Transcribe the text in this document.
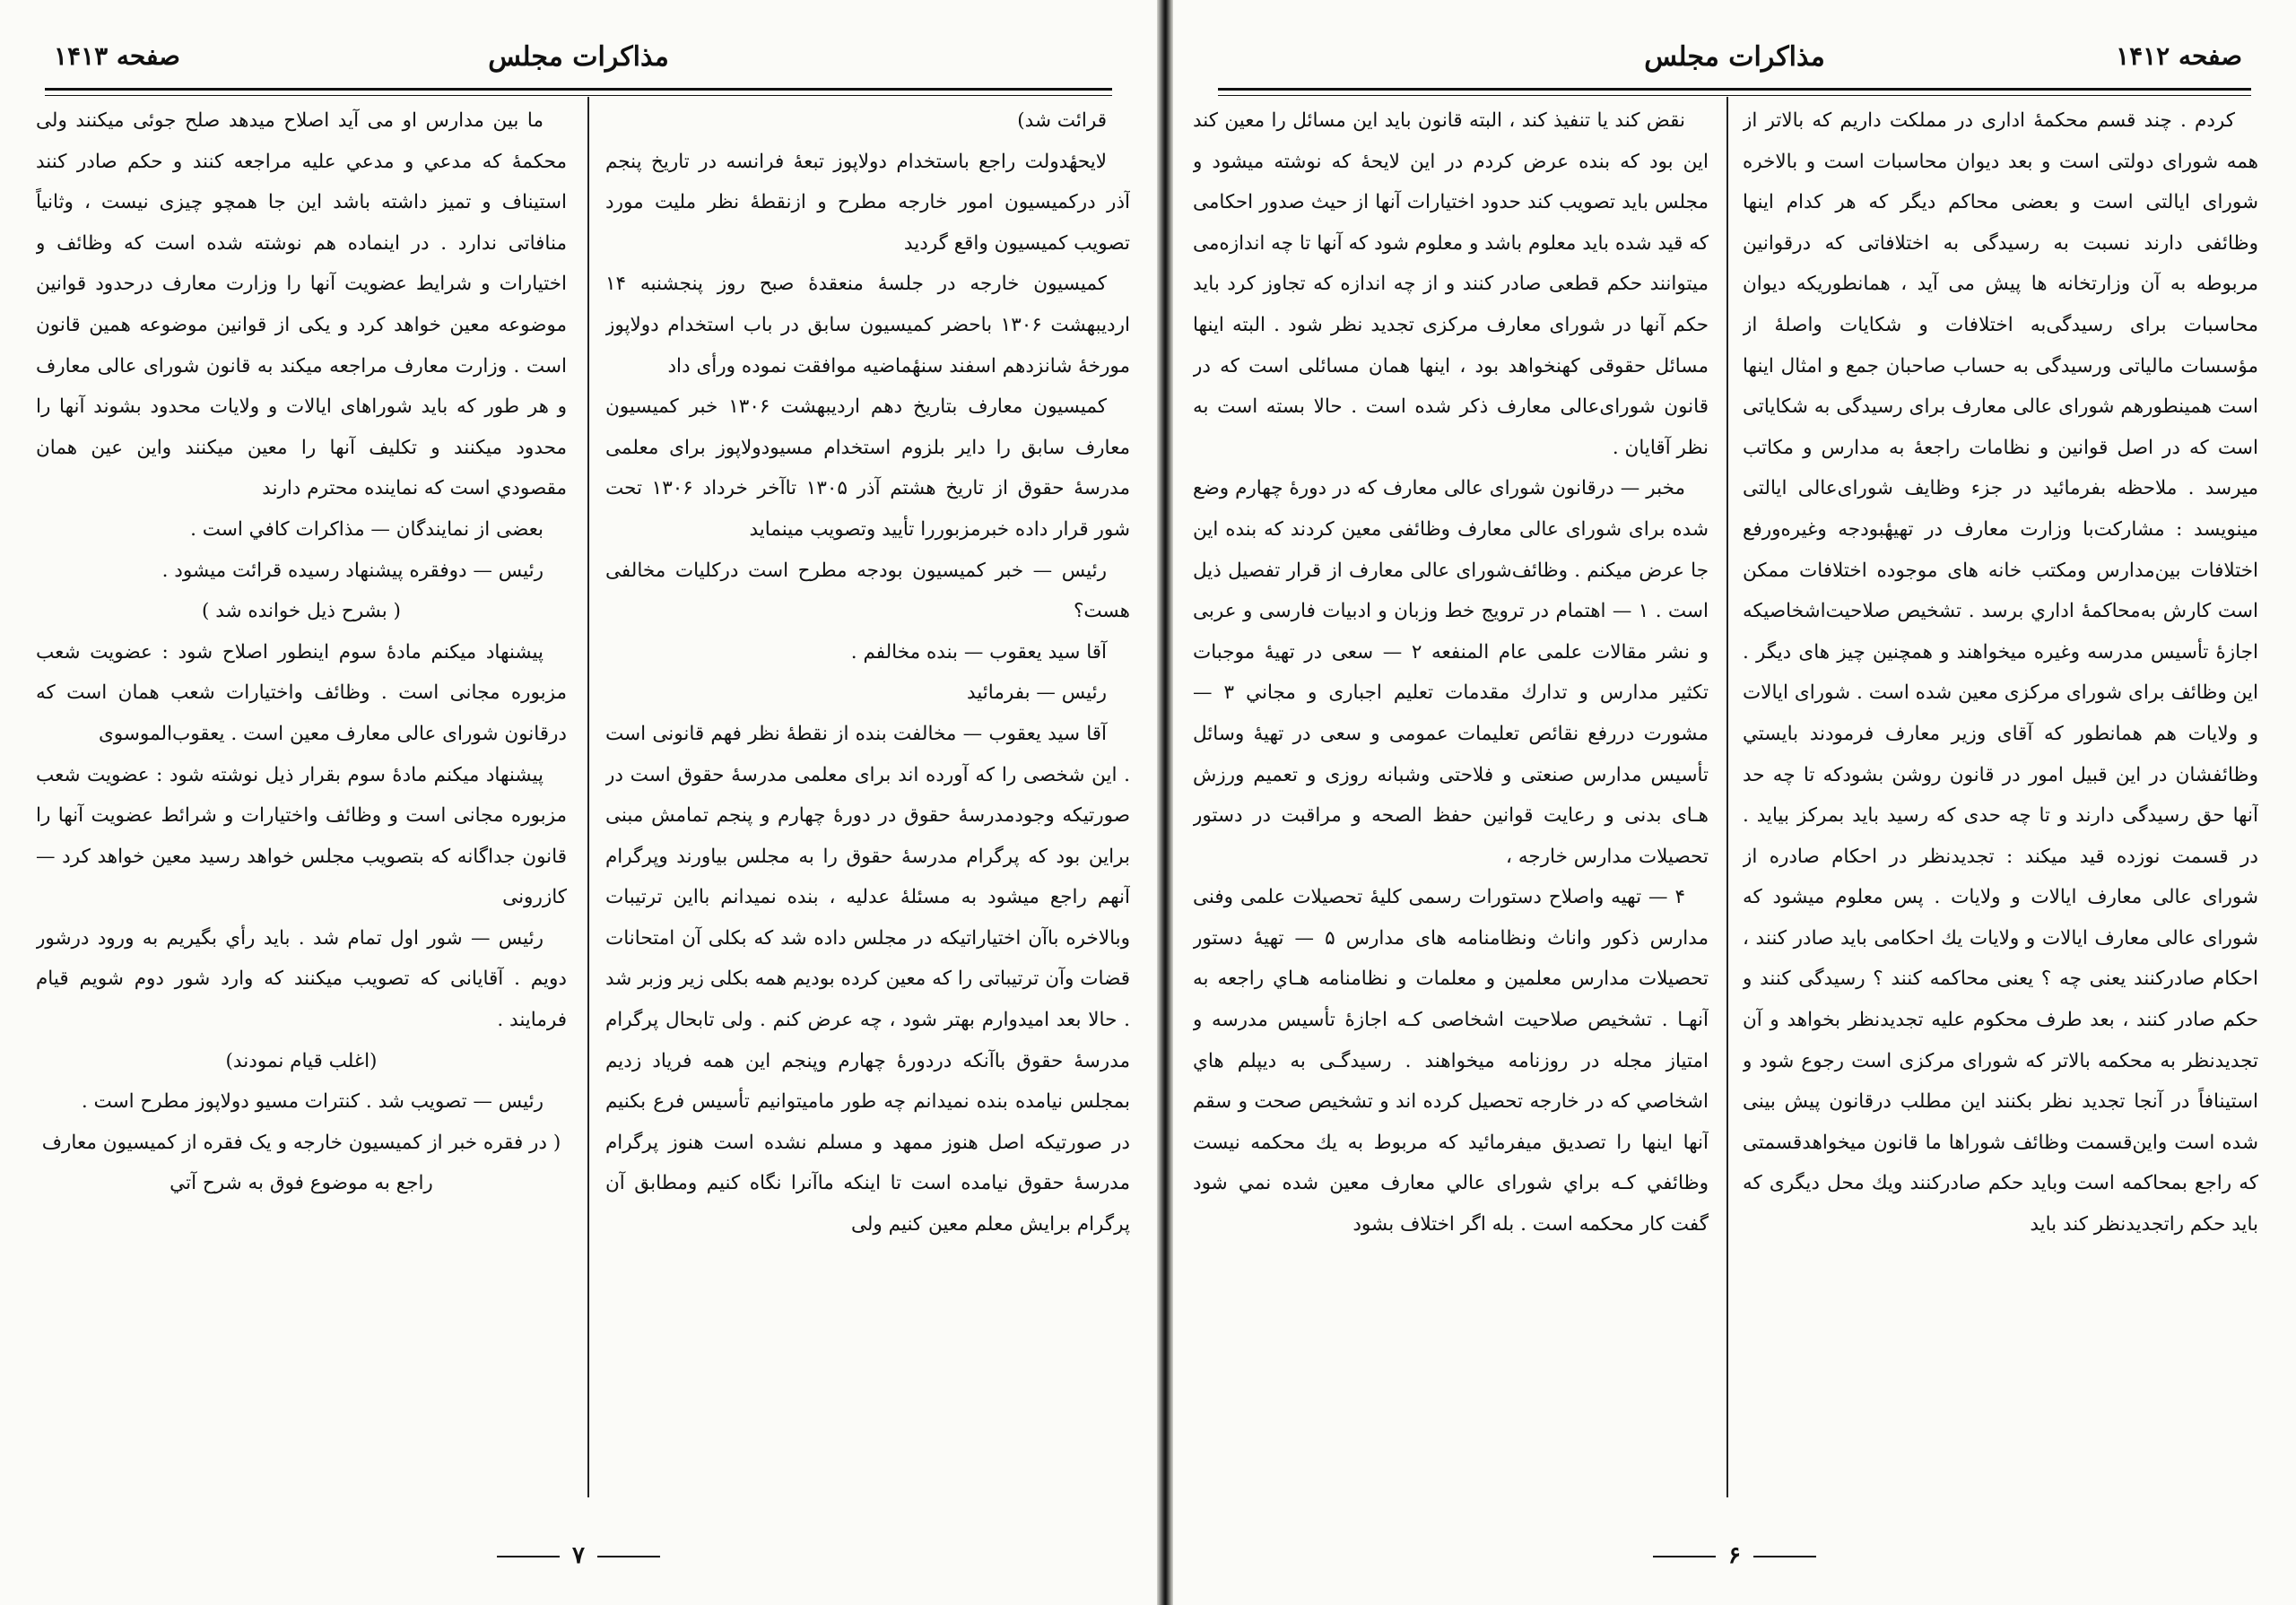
مذاکرات مجلس
صفحه ۱۴۱۳

قرائت شد)

لایحهٔدولت راجع باستخدام دولاپوز تبعهٔ فرانسه در تاریخ پنجم آذر درکمیسیون امور خارجه مطرح و ازنقطهٔ نظر ملیت مورد تصویب کمیسیون واقع گردید

کمیسیون خارجه در جلسهٔ منعقدهٔ صبح روز پنجشنبه ۱۴ اردیبهشت ۱۳۰۶ باحضر کمیسیون سابق در باب استخدام دولاپوز مورخهٔ شانزدهم اسفند سنهٔماضیه موافقت نموده ورأی داد

کمیسیون معارف بتاریخ دهم اردیبهشت ۱۳۰۶ خبر کمیسیون معارف سابق را دایر بلزوم استخدام مسیودولاپوز برای معلمی مدرسهٔ حقوق از تاریخ هشتم آذر ۱۳۰۵ تاآخر خرداد ۱۳۰۶ تحت شور قرار داده خبرمزبوررا تأیید وتصویب مینماید

رئیس — خبر کمیسیون بودجه مطرح است درکلیات مخالفی هست؟

آقا سید یعقوب — بنده مخالفم .

رئیس — بفرمائید

آقا سید یعقوب — مخالفت بنده از نقطهٔ نظر فهم قانونی است . این شخصی را که آورده اند برای معلمی مدرسهٔ حقوق است در صورتیکه وجودمدرسهٔ حقوق در دورهٔ چهارم و پنجم تمامش مبنی براین بود که پرگرام مدرسهٔ حقوق را به مجلس بیاورند وپرگرام آنهم راجع میشود به مسئلهٔ عدلیه ، بنده نمیدانم بااین ترتیبات وبالاخره باآن اختیاراتیکه در مجلس داده شد که بکلی آن امتحانات قضات وآن ترتیباتی را که معین کرده بودیم همه بکلی زیر وزبر شد . حالا بعد امیدوارم بهتر شود ، چه عرض کنم . ولی تابحال پرگرام مدرسهٔ حقوق باآنکه دردورهٔ چهارم وپنجم این همه فریاد زدیم بمجلس نیامده بنده نمیدانم چه طور مامیتوانیم تأسیس فرع بکنیم در صورتیکه اصل هنوز ممهد و مسلم نشده است هنوز پرگرام مدرسهٔ حقوق نیامده است تا اینکه ماآنرا نگاه کنیم ومطابق آن پرگرام برایش معلم معین کنیم ولی

ما بین مدارس او می آید اصلاح میدهد صلح جوئی میکنند ولی محکمهٔ که مدعي و مدعي علیه مراجعه کنند و حکم صادر کنند استیناف و تمیز داشته باشد این جا همچو چیزی نیست ، وثانیاً منافاتی ندارد . در اینماده هم نوشته شده است که وظائف و اختیارات و شرایط عضویت آنها را وزارت معارف درحدود قوانین موضوعه معین خواهد کرد و یکی از قوانین موضوعه همین قانون است . وزارت معارف مراجعه میکند به قانون شورای عالی معارف و هر طور که باید شوراهای ایالات و ولایات محدود بشوند آنها را محدود میکنند و تکلیف آنها را معین میکنند واین عین همان مقصودي است که نماینده محترم دارند

بعضی از نمایندگان — مذاکرات کافي است .

رئیس — دوفقره پیشنهاد رسیده قرائت میشود .

( بشرح ذیل خوانده شد )

پیشنهاد میکنم مادهٔ سوم اینطور اصلاح شود : عضویت شعب مزبوره مجانی است . وظائف واختیارات شعب همان است که درقانون شورای عالی معارف معین است . یعقوب‌الموسوی

پیشنهاد میکنم مادهٔ سوم بقرار ذیل نوشته شود : عضویت شعب مزبوره مجانی است و وظائف واختیارات و شرائط عضویت آنها را قانون جداگانه که بتصویب مجلس خواهد رسید معین خواهد کرد — کازرونی

رئیس — شور اول تمام شد . باید رأي بگیریم به ورود درشور دویم . آقایانی که تصویب میکنند که وارد شور دوم شویم قیام فرمایند .

(اغلب قیام نمودند)

رئیس — تصویب شد . کنترات مسیو دولاپوز مطرح است .

( در فقره خبر از کمیسیون خارجه و یک فقره از کمیسیون معارف راجع به موضوع فوق به شرح آتي

۷
مذاکرات مجلس	صفحه ۱۴۱۲

کردم . چند قسم محکمهٔ اداری در مملکت داریم که بالاتر از همه شورای دولتی است و بعد دیوان محاسبات است و بالاخره شورای ایالتی است و بعضی محاکم دیگر که هر کدام اینها وظائفی دارند نسبت به رسیدگی به اختلافاتی که درقوانین مربوطه به آن وزارتخانه ها پیش می آید ، همانطوریکه دیوان محاسبات برای رسیدگی‌به اختلافات و شکایات واصلهٔ از مؤسسات مالیاتی ورسیدگی به حساب صاحبان جمع و امثال اینها است همینطورهم شورای عالی معارف برای رسیدگی به شکایاتی است که در اصل قوانین و نظامات راجعهٔ به مدارس و مکاتب میرسد . ملاحظه بفرمائید در جزء وظایف شورای‌عالی ایالتی مینویسد : مشارکت‌با وزارت معارف در تهیهٔبودجه وغیره‌ورفع اختلافات بین‌مدارس ومکتب خانه های موجوده اختلافات ممکن است کارش به‌محاکمهٔ اداري برسد . تشخیص صلاحیت‌اشخاصیکه اجازهٔ تأسیس مدرسه وغیره میخواهند و همچنین چیز های دیگر . این وظائف برای شورای مرکزی معین شده است . شورای ایالات و ولایات هم همانطور که آقای وزیر معارف فرمودند بایستي وظائفشان در این قبیل امور در قانون روشن بشود‌که تا چه حد آنها حق رسیدگی دارند و تا چه حدی که رسید باید بمرکز بیاید . در قسمت نوزده قید میکند : تجدیدنظر در احکام صادره از شورای عالی معارف ایالات و ولایات . پس معلوم میشود که شورای عالی معارف ایالات و ولایات یك احکامی باید صادر کنند ، احکام صادرکنند یعنی چه ؟ یعنی محاکمه کنند ؟ رسیدگی کنند و حکم صادر کنند ، بعد طرف محکوم علیه تجدیدنظر بخواهد و آن تجدیدنظر به محکمه بالاتر که شورای مرکزی است رجوع شود و استینافاً در آنجا تجدید نظر بکنند این مطلب درقانون پیش بینی شده است و‌این‌قسمت وظائف شوراها ما قانون میخواهدقسمتی که راجع بمحاکمه است وباید حکم صادرکنند ویك محل دیگری که باید حکم راتجدیدنظر کند باید

نقض کند یا تنفیذ کند ، البته قانون باید این مسائل را معین کند این بود که بنده عرض کردم در این لایحهٔ که نوشته میشود و مجلس باید تصویب کند حدود اختیارات آنها از حیث صدور احکامی که قید شده باید معلوم باشد و معلوم شود که آنها تا چه اندازه‌می میتوانند حکم قطعی صادر کنند و از چه اندازه که تجاوز کرد باید حکم آنها در شورای معارف مرکزی تجدید نظر شود . البته اینها مسائل حقوقی کهنخواهد بود ، اینها همان مسائلی است که در قانون شورای‌عالی معارف ذکر شده است . حالا بسته است به نظر آقایان .

مخبر — درقانون شورای عالی معارف که در دورهٔ چهارم وضع شده برای شورای عالی معارف وظائفی معین کردند که بنده این جا عرض میکنم . وظائف‌شورای عالی معارف از قرار تفصیل ذیل است . ۱ — اهتمام در ترویج خط وزبان و ادبیات فارسی و عربی و نشر مقالات علمی عام المنفعه ۲ — سعی در تهیهٔ موجبات تکثیر مدارس و تدارك مقدمات تعلیم اجباری و مجاني ۳ — مشورت دررفع نقائص تعلیمات عمومی و سعی در تهیهٔ وسائل تأسیس مدارس صنعتی و فلاحتی وشبانه روزی و تعمیم ورزش هـای بدنی و رعایت قوانین حفظ الصحه و مراقبت در دستور تحصیلات مدارس خارجه ،

۴ — تهیه واصلاح دستورات رسمی کلیهٔ تحصیلات علمی وفنی مدارس ذکور واناث ونظامنامه های مدارس ۵ — تهیهٔ دستور تحصیلات مدارس معلمین و معلمات و نظامنامه هـاي راجعه به آنهـا . تشخیص صلاحیت اشخاصی کـه اجازهٔ تأسیس مدرسه و امتیاز مجله در روزنامه میخواهند . رسیدگـی به دیپلم هاي اشخاصي که در خارجه تحصیل کرده اند و تشخیص صحت و سقم آنها اینها را تصدیق میفرمائید که مربوط به یك محکمه نیست وظائفي کـه براي شورای عالي معارف معین شده نمي شود گفت کار محکمه است . بله اگر اختلاف بشود

۶
